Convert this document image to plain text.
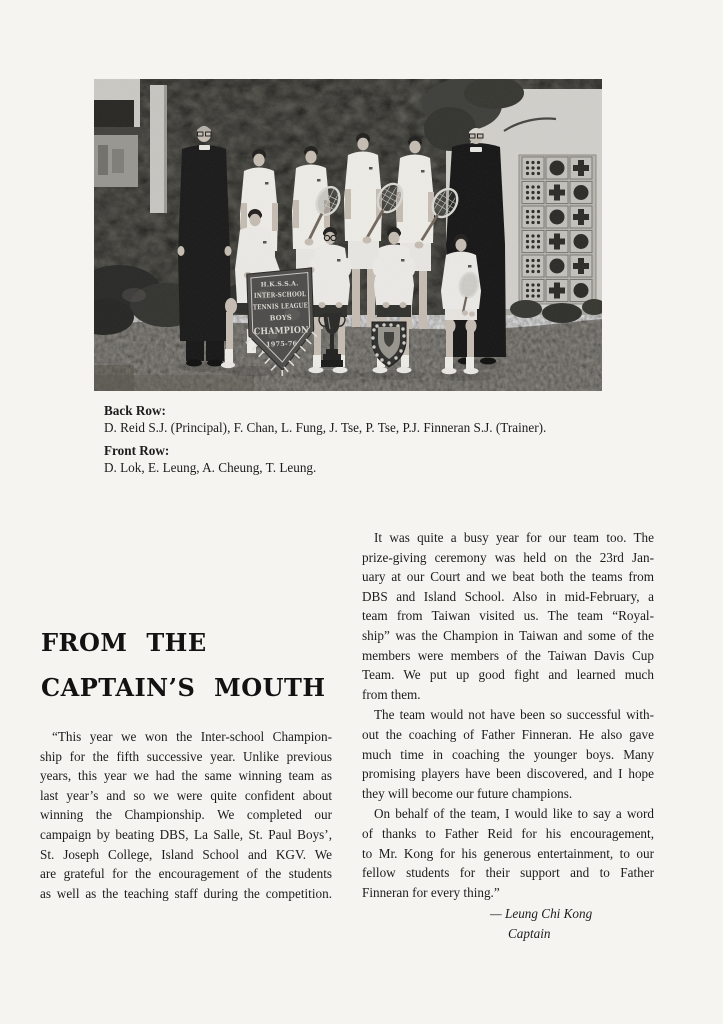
H.K.S.S.A.
INTER-SCHOOL
TENNIS LEAGUE
BOYS
CHAMPION
1975-76
Back Row:
D. Reid S.J. (Principal), F. Chan, L. Fung, J. Tse, P. Tse, P.J. Finneran S.J. (Trainer).
Front Row:
D. Lok, E. Leung, A. Cheung, T. Leung.
FROM THE
CAPTAIN’S MOUTH
“This year we won the Inter-school Champion-
ship for the fifth successive year. Unlike previous
years, this year we had the same winning team as
last year’s and so we were quite confident about
winning the Championship. We completed our
campaign by beating DBS, La Salle, St. Paul Boys’,
St. Joseph College, Island School and KGV. We
are grateful for the encouragement of the students
as well as the teaching staff during the competition.
It was quite a busy year for our team too. The
prize-giving ceremony was held on the 23rd Jan-
uary at our Court and we beat both the teams from
DBS and Island School. Also in mid-February, a
team from Taiwan visited us. The team “Royal-
ship” was the Champion in Taiwan and some of the
members were members of the Taiwan Davis Cup
Team. We put up good fight and learned much
from them.
The team would not have been so successful with-
out the coaching of Father Finneran. He also gave
much time in coaching the younger boys. Many
promising players have been discovered, and I hope
they will become our future champions.
On behalf of the team, I would like to say a word
of thanks to Father Reid for his encouragement,
to Mr. Kong for his generous entertainment, to our
fellow students for their support and to Father
Finneran for every thing.”
— Leung Chi Kong
Captain
